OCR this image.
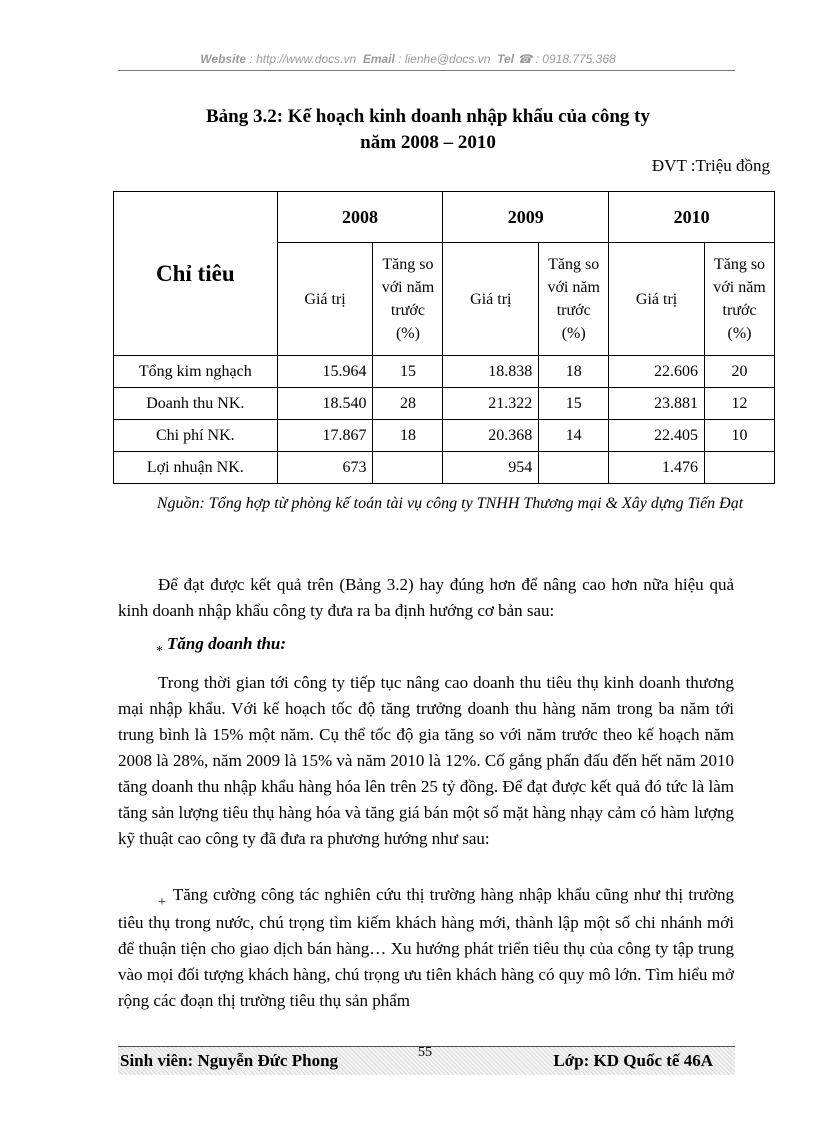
Website : http://www.docs.vn Email : lienhe@docs.vn Tel ☎ : 0918.775.368
Bảng 3.2: Kế hoạch kinh doanh nhập khẩu của công ty
năm 2008 – 2010
ĐVT :Triệu đồng
Chỉ tiêu	2008		2009		2010	
	Giá trị	Tăng so với năm trước (%)	Giá trị	Tăng so với năm trước (%)	Giá trị	Tăng so với năm trước (%)
Tổng kim nghạch	15.964	15	18.838	18	22.606	20
Doanh thu NK.	18.540	28	21.322	15	23.881	12
Chi phí NK.	17.867	18	20.368	14	22.405	10
Lợi nhuận NK.	673		954		1.476	
Nguồn: Tổng hợp từ phòng kế toán tài vụ công ty TNHH Thương mại & Xây dựng Tiến Đạt
Để đạt được kết quả trên (Bảng 3.2) hay đúng hơn để nâng cao hơn nữa hiệu quả kinh doanh nhập khẩu công ty đưa ra ba định hướng cơ bản sau:
$_*$ Tăng doanh thu:
Trong thời gian tới công ty tiếp tục nâng cao doanh thu tiêu thụ kinh doanh thương mại nhập khẩu. Với kế hoạch tốc độ tăng trưởng doanh thu hàng năm trong ba năm tới trung bình là 15% một năm. Cụ thể tốc độ gia tăng so với năm trước theo kế hoạch năm 2008 là 28%, năm 2009 là 15% và năm 2010 là 12%. Cố gắng phấn đấu đến hết năm 2010 tăng doanh thu nhập khẩu hàng hóa lên trên 25 tỷ đồng. Để đạt được kết quả đó tức là làm tăng sản lượng tiêu thụ hàng hóa và tăng giá bán một số mặt hàng nhạy cảm có hàm lượng kỹ thuật cao công ty đã đưa ra phương hướng như sau:
$_+$ Tăng cường công tác nghiên cứu thị trường hàng nhập khẩu cũng như thị trường tiêu thụ trong nước, chú trọng tìm kiếm khách hàng mới, thành lập một số chi nhánh mới để thuận tiện cho giao dịch bán hàng… Xu hướng phát triển tiêu thụ của công ty tập trung vào mọi đối tượng khách hàng, chú trọng ưu tiên khách hàng có quy mô lớn. Tìm hiểu mở rộng các đoạn thị trường tiêu thụ sản phẩm
Sinh viên: Nguyễn Đức Phong	55	Lớp: KD Quốc tế 46A
